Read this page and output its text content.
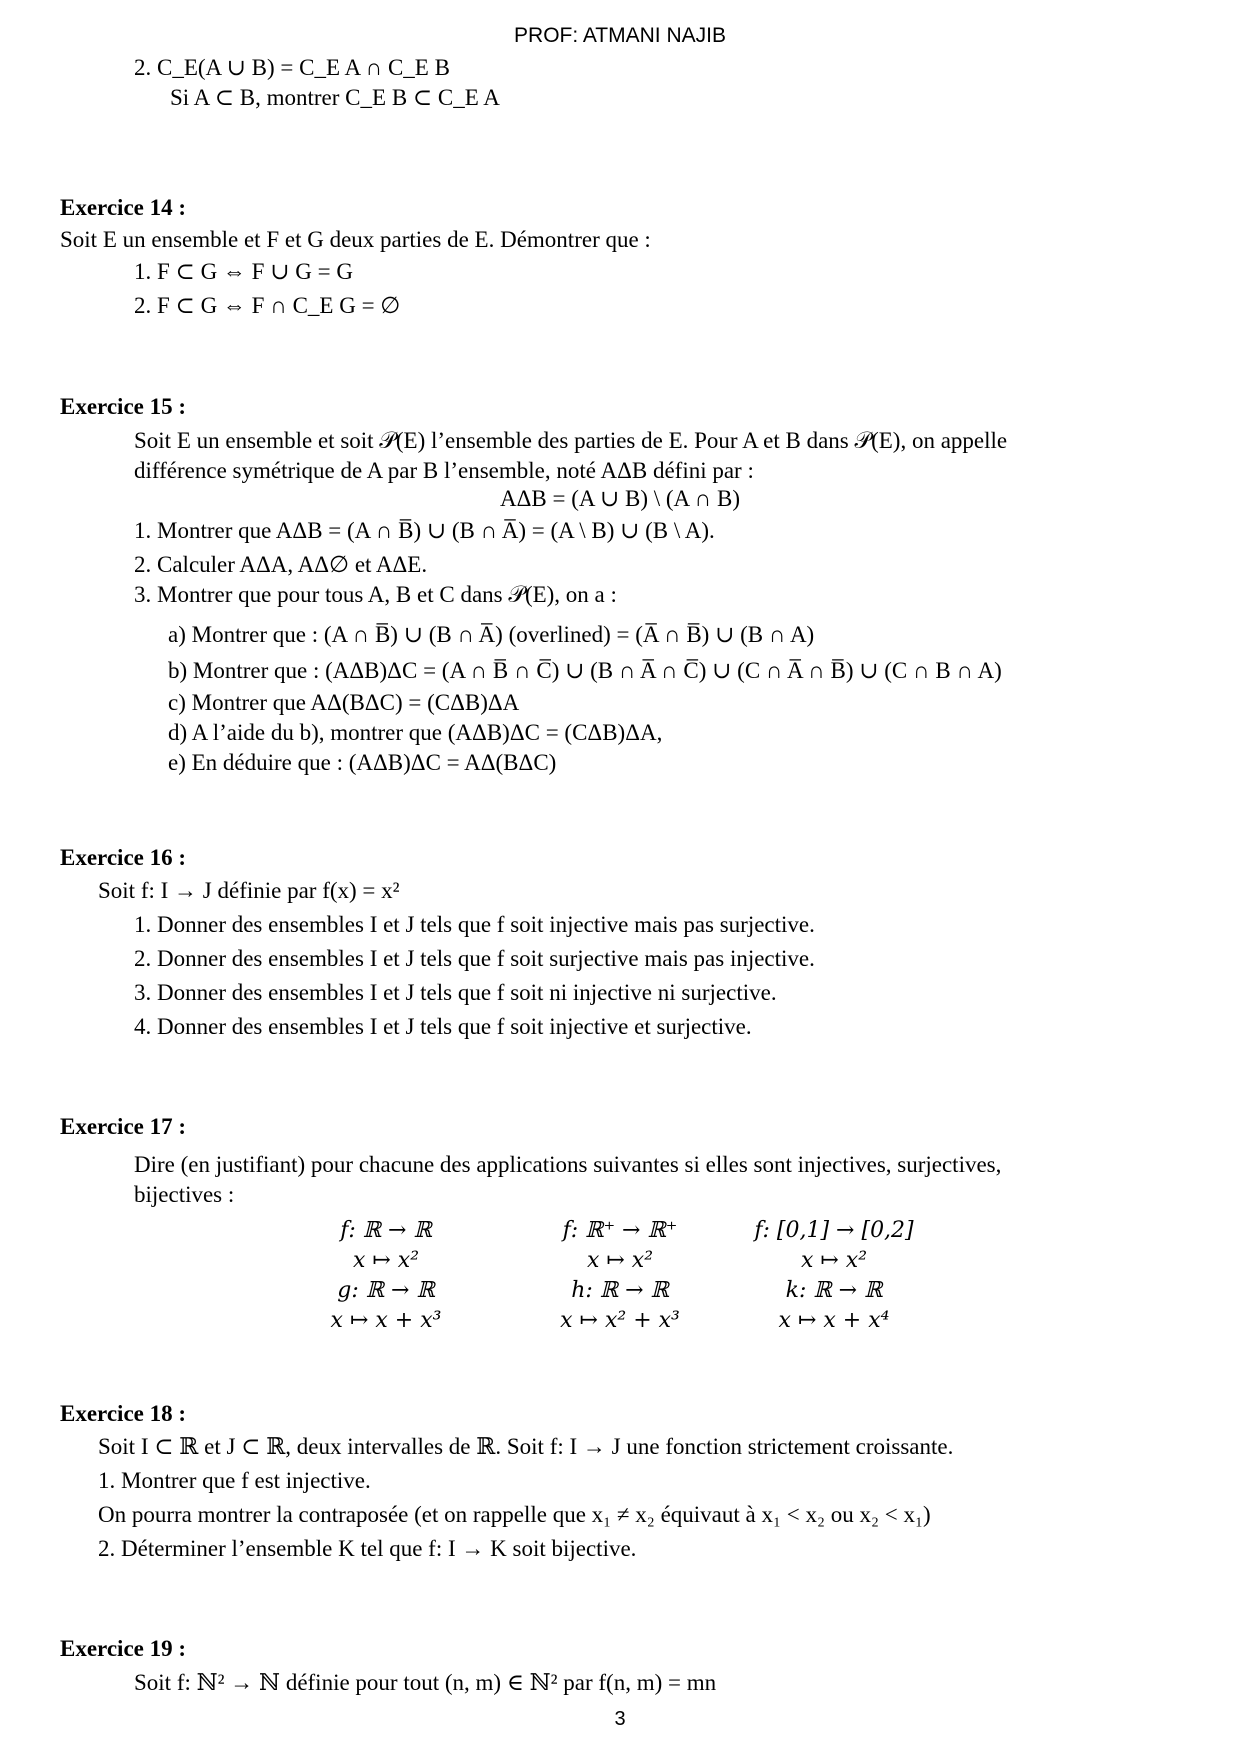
PROF: ATMANI NAJIB
2. C_E(A ∪ B) = C_E A ∩ C_E B
Si A ⊂ B, montrer C_E B ⊂ C_E A
Exercice 14 :
Soit E un ensemble et F et G deux parties de E. Démontrer que :
1. F ⊂ G ⇔ F ∪ G = G
2. F ⊂ G ⇔ F ∩ C_E G = ∅
Exercice 15 :
Soit E un ensemble et soit 𝒫(E) l’ensemble des parties de E. Pour A et B dans 𝒫(E), on appelle
différence symétrique de A par B l’ensemble, noté AΔB défini par :
AΔB = (A ∪ B) \ (A ∩ B)
1. Montrer que AΔB = (A ∩ B̅) ∪ (B ∩ A̅) = (A \ B) ∪ (B \ A).
2. Calculer AΔA, AΔ∅ et AΔE.
3. Montrer que pour tous A, B et C dans 𝒫(E), on a :
a) Montrer que : (A ∩ B̅) ∪ (B ∩ A̅) (overlined) = (A̅ ∩ B̅) ∪ (B ∩ A)
b) Montrer que : (AΔB)ΔC = (A ∩ B̅ ∩ C̅) ∪ (B ∩ A̅ ∩ C̅) ∪ (C ∩ A̅ ∩ B̅) ∪ (C ∩ B ∩ A)
c) Montrer que AΔ(BΔC) = (CΔB)ΔA
d) A l’aide du b), montrer que (AΔB)ΔC = (CΔB)ΔA,
e) En déduire que : (AΔB)ΔC = AΔ(BΔC)
Exercice 16 :
Soit f: I → J définie par f(x) = x²
1. Donner des ensembles I et J tels que f soit injective mais pas surjective.
2. Donner des ensembles I et J tels que f soit surjective mais pas injective.
3. Donner des ensembles I et J tels que f soit ni injective ni surjective.
4. Donner des ensembles I et J tels que f soit injective et surjective.
Exercice 17 :
Dire (en justifiant) pour chacune des applications suivantes si elles sont injectives, surjectives,
bijectives :
f: ℝ → ℝ
x ↦ x²
g: ℝ → ℝ
x ↦ x + x³
f: ℝ⁺ → ℝ⁺
x ↦ x²
h: ℝ → ℝ
x ↦ x² + x³
f: [0,1] → [0,2]
x ↦ x²
k: ℝ → ℝ
x ↦ x + x⁴
Exercice 18 :
Soit I ⊂ ℝ et J ⊂ ℝ, deux intervalles de ℝ. Soit f: I → J une fonction strictement croissante.
1. Montrer que f est injective.
On pourra montrer la contraposée (et on rappelle que x₁ ≠ x₂ équivaut à x₁ < x₂ ou x₂ < x₁)
2. Déterminer l’ensemble K tel que f: I → K soit bijective.
Exercice 19 :
Soit f: ℕ² → ℕ définie pour tout (n, m) ∈ ℕ² par f(n, m) = mn
3
